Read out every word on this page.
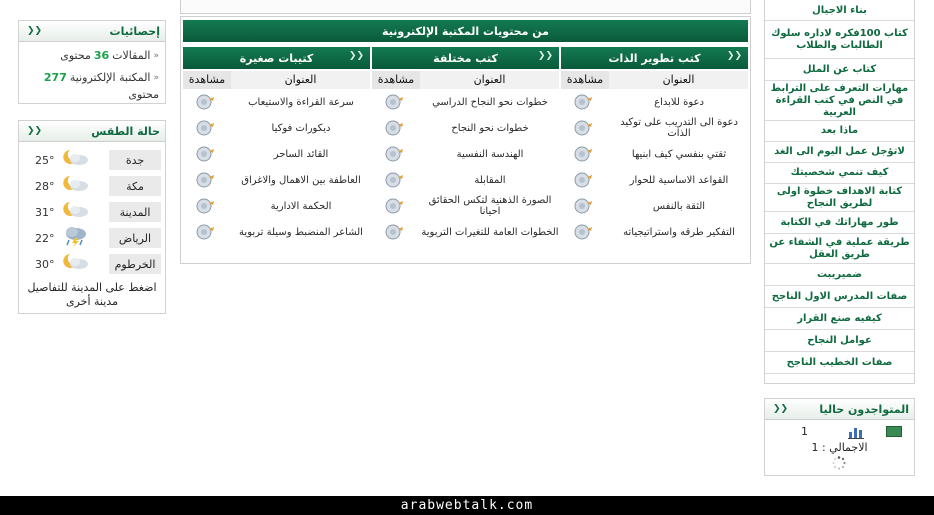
إحصائيات
❮❮
«
المقالات
36
محتوى
«
المكتبة الإلكترونية
277
محتوى
حالة الطقس
❮❮
جدة
25°
مكة
28°
المدينة
31°
الرياض
22°
الخرطوم
30°
اضغط على المدينة للتفاصيل
مدينة أخرى
من محتويات المكتبة الإلكترونية
❮❮
كتب تطوير الذات
العنوان
مشاهدة
دعوة للابداع
دعوة الى التدريب على توكيد الذات
ثقتي بنفسي كيف ابنيها
القواعد الاساسية للحوار
الثقة بالنفس
التفكير طرقه واستراتيجياته
❮❮
كتب مختلفة
العنوان
مشاهدة
خطوات نحو النجاح الدراسي
خطوات نحو النجاح
الهندسة النفسية
المقابلة
الصورة الذهنية لتكس الحقائق احيانا
الخطوات العامة للتغيرات التربوية
❮❮
كتيبات صغيرة
العنوان
مشاهدة
سرعة القراءة والاستيعاب
ديكورات فوكيا
القائد الساحر
العاطفة بين الاهمال والاغراق
الحكمة الادارية
الشاعر المنضبط وسيلة تربوية
بناء الاجيال
كتاب 100فكره لاداره سلوك الطالبات والطلاب
كتاب عن الملل
مهارات التعرف على الترابط في النص في كتب القراءة العربية
ماذا بعد
لاتؤجل عمل اليوم الى الغد
كيف تنمي شخصيتك
كتابة الاهداف خطوة اولى لطريق النجاح
طور مهاراتك في الكتابة
طريقة عملية في الشفاء عن طريق العقل
ضميريبت
صفات المدرس الاول الناجح
كيفيه صنع القرار
عوامل النجاح
صفات الخطيب الناجح
المتواجدون حاليا
❮❮
1
الاجمالي : 1
arabwebtalk.com
